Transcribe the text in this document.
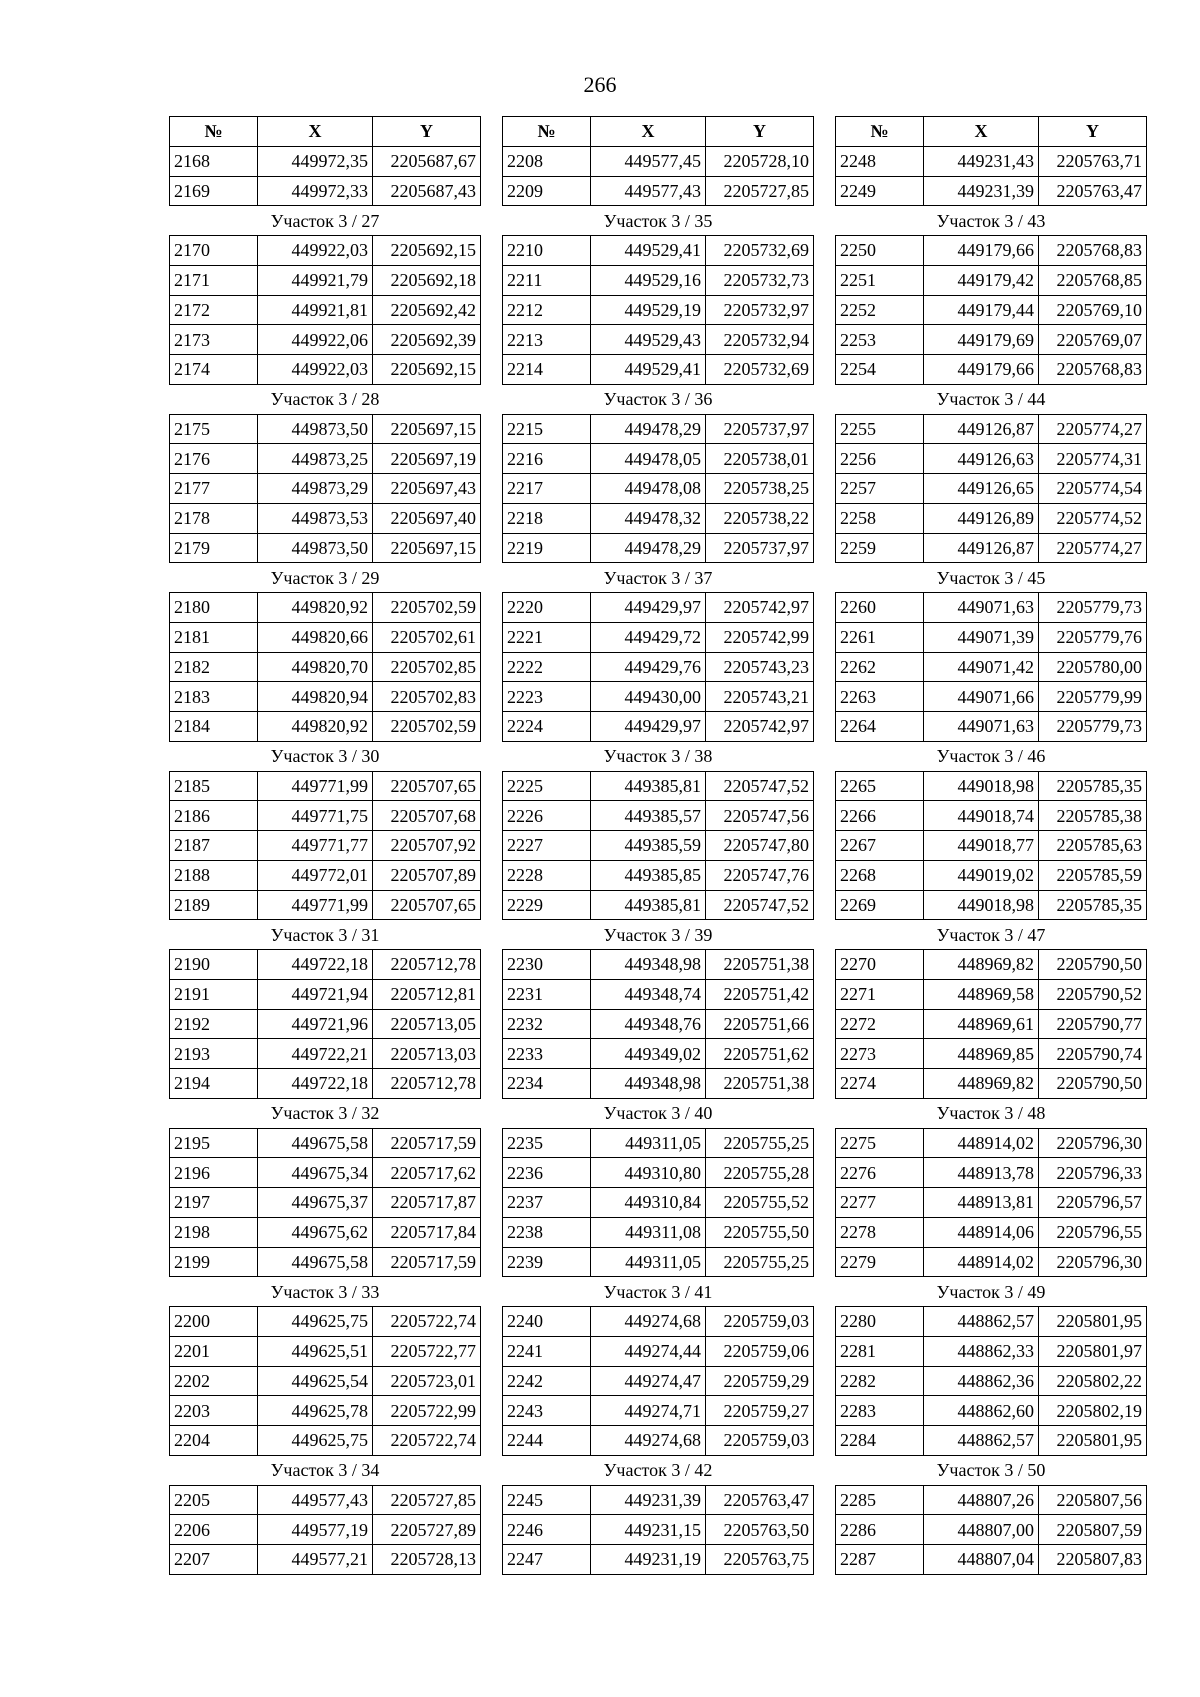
266
№	X	Y
2168	449972,35	2205687,67
2169	449972,33	2205687,43
Участок 3 / 27		
2170	449922,03	2205692,15
2171	449921,79	2205692,18
2172	449921,81	2205692,42
2173	449922,06	2205692,39
2174	449922,03	2205692,15
Участок 3 / 28		
2175	449873,50	2205697,15
2176	449873,25	2205697,19
2177	449873,29	2205697,43
2178	449873,53	2205697,40
2179	449873,50	2205697,15
Участок 3 / 29		
2180	449820,92	2205702,59
2181	449820,66	2205702,61
2182	449820,70	2205702,85
2183	449820,94	2205702,83
2184	449820,92	2205702,59
Участок 3 / 30		
2185	449771,99	2205707,65
2186	449771,75	2205707,68
2187	449771,77	2205707,92
2188	449772,01	2205707,89
2189	449771,99	2205707,65
Участок 3 / 31		
2190	449722,18	2205712,78
2191	449721,94	2205712,81
2192	449721,96	2205713,05
2193	449722,21	2205713,03
2194	449722,18	2205712,78
Участок 3 / 32		
2195	449675,58	2205717,59
2196	449675,34	2205717,62
2197	449675,37	2205717,87
2198	449675,62	2205717,84
2199	449675,58	2205717,59
Участок 3 / 33		
2200	449625,75	2205722,74
2201	449625,51	2205722,77
2202	449625,54	2205723,01
2203	449625,78	2205722,99
2204	449625,75	2205722,74
Участок 3 / 34		
2205	449577,43	2205727,85
2206	449577,19	2205727,89
2207	449577,21	2205728,13
№	X	Y
2208	449577,45	2205728,10
2209	449577,43	2205727,85
Участок 3 / 35		
2210	449529,41	2205732,69
2211	449529,16	2205732,73
2212	449529,19	2205732,97
2213	449529,43	2205732,94
2214	449529,41	2205732,69
Участок 3 / 36		
2215	449478,29	2205737,97
2216	449478,05	2205738,01
2217	449478,08	2205738,25
2218	449478,32	2205738,22
2219	449478,29	2205737,97
Участок 3 / 37		
2220	449429,97	2205742,97
2221	449429,72	2205742,99
2222	449429,76	2205743,23
2223	449430,00	2205743,21
2224	449429,97	2205742,97
Участок 3 / 38		
2225	449385,81	2205747,52
2226	449385,57	2205747,56
2227	449385,59	2205747,80
2228	449385,85	2205747,76
2229	449385,81	2205747,52
Участок 3 / 39		
2230	449348,98	2205751,38
2231	449348,74	2205751,42
2232	449348,76	2205751,66
2233	449349,02	2205751,62
2234	449348,98	2205751,38
Участок 3 / 40		
2235	449311,05	2205755,25
2236	449310,80	2205755,28
2237	449310,84	2205755,52
2238	449311,08	2205755,50
2239	449311,05	2205755,25
Участок 3 / 41		
2240	449274,68	2205759,03
2241	449274,44	2205759,06
2242	449274,47	2205759,29
2243	449274,71	2205759,27
2244	449274,68	2205759,03
Участок 3 / 42		
2245	449231,39	2205763,47
2246	449231,15	2205763,50
2247	449231,19	2205763,75
№	X	Y
2248	449231,43	2205763,71
2249	449231,39	2205763,47
Участок 3 / 43		
2250	449179,66	2205768,83
2251	449179,42	2205768,85
2252	449179,44	2205769,10
2253	449179,69	2205769,07
2254	449179,66	2205768,83
Участок 3 / 44		
2255	449126,87	2205774,27
2256	449126,63	2205774,31
2257	449126,65	2205774,54
2258	449126,89	2205774,52
2259	449126,87	2205774,27
Участок 3 / 45		
2260	449071,63	2205779,73
2261	449071,39	2205779,76
2262	449071,42	2205780,00
2263	449071,66	2205779,99
2264	449071,63	2205779,73
Участок 3 / 46		
2265	449018,98	2205785,35
2266	449018,74	2205785,38
2267	449018,77	2205785,63
2268	449019,02	2205785,59
2269	449018,98	2205785,35
Участок 3 / 47		
2270	448969,82	2205790,50
2271	448969,58	2205790,52
2272	448969,61	2205790,77
2273	448969,85	2205790,74
2274	448969,82	2205790,50
Участок 3 / 48		
2275	448914,02	2205796,30
2276	448913,78	2205796,33
2277	448913,81	2205796,57
2278	448914,06	2205796,55
2279	448914,02	2205796,30
Участок 3 / 49		
2280	448862,57	2205801,95
2281	448862,33	2205801,97
2282	448862,36	2205802,22
2283	448862,60	2205802,19
2284	448862,57	2205801,95
Участок 3 / 50		
2285	448807,26	2205807,56
2286	448807,00	2205807,59
2287	448807,04	2205807,83
